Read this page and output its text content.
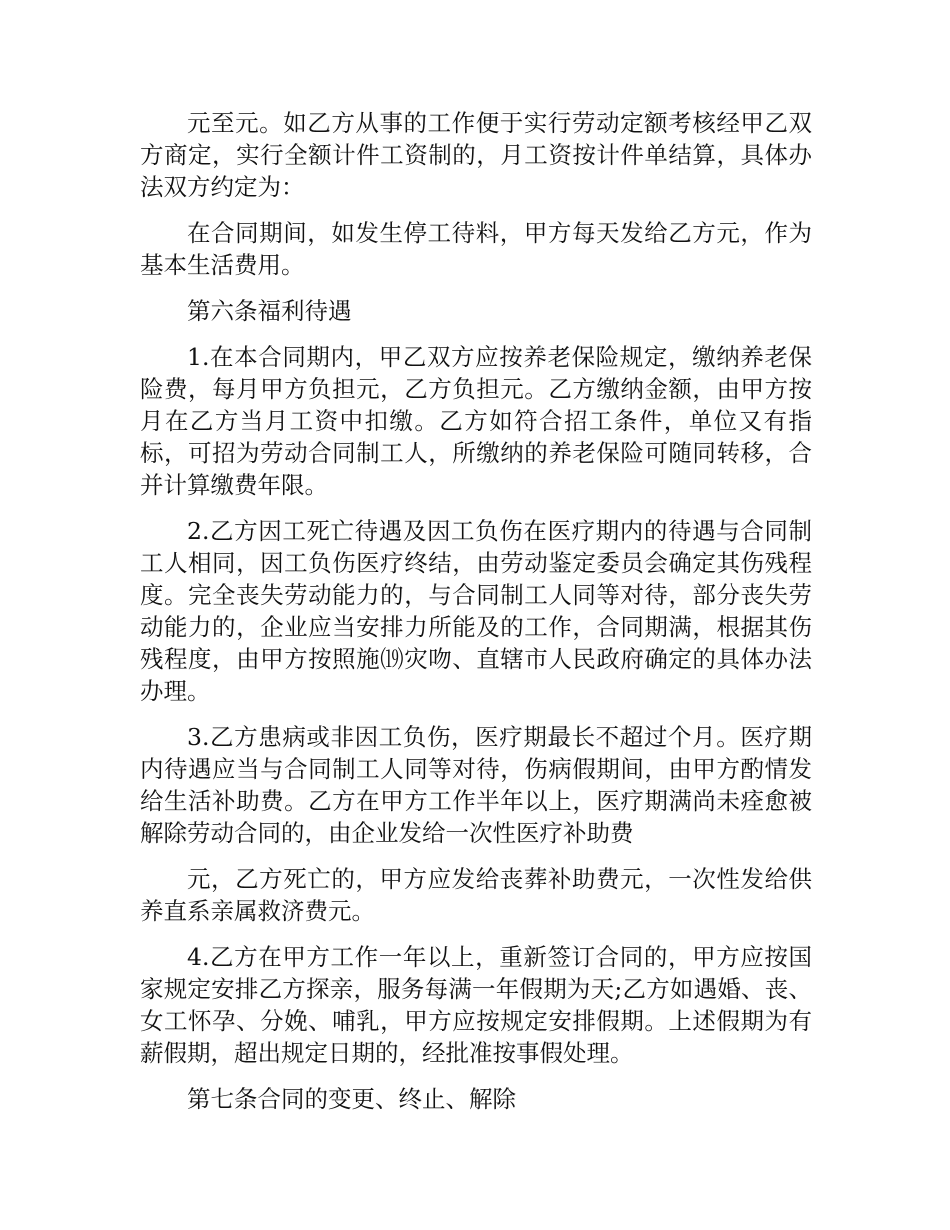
元至元。如乙方从事的工作便于实行劳动定额考核经甲乙双方商定，实行全额计件工资制的，月工资按计件单结算，具体办法双方约定为：

在合同期间，如发生停工待料，甲方每天发给乙方元，作为基本生活费用。

第六条福利待遇

1.在本合同期内，甲乙双方应按养老保险规定，缴纳养老保险费，每月甲方负担元，乙方负担元。乙方缴纳金额，由甲方按月在乙方当月工资中扣缴。乙方如符合招工条件，单位又有指标，可招为劳动合同制工人，所缴纳的养老保险可随同转移，合并计算缴费年限。

2.乙方因工死亡待遇及因工负伤在医疗期内的待遇与合同制工人相同，因工负伤医疗终结，由劳动鉴定委员会确定其伤残程度。完全丧失劳动能力的，与合同制工人同等对待，部分丧失劳动能力的，企业应当安排力所能及的工作，合同期满，根据其伤残程度，由甲方按照施⒆灾吻、直辖市人民政府确定的具体办法办理。

3.乙方患病或非因工负伤，医疗期最长不超过个月。医疗期内待遇应当与合同制工人同等对待，伤病假期间，由甲方酌情发给生活补助费。乙方在甲方工作半年以上，医疗期满尚未痊愈被解除劳动合同的，由企业发给一次性医疗补助费

元，乙方死亡的，甲方应发给丧葬补助费元，一次性发给供养直系亲属救济费元。

4.乙方在甲方工作一年以上，重新签订合同的，甲方应按国家规定安排乙方探亲，服务每满一年假期为天;乙方如遇婚、丧、女工怀孕、分娩、哺乳，甲方应按规定安排假期。上述假期为有薪假期，超出规定日期的，经批准按事假处理。

第七条合同的变更、终止、解除
